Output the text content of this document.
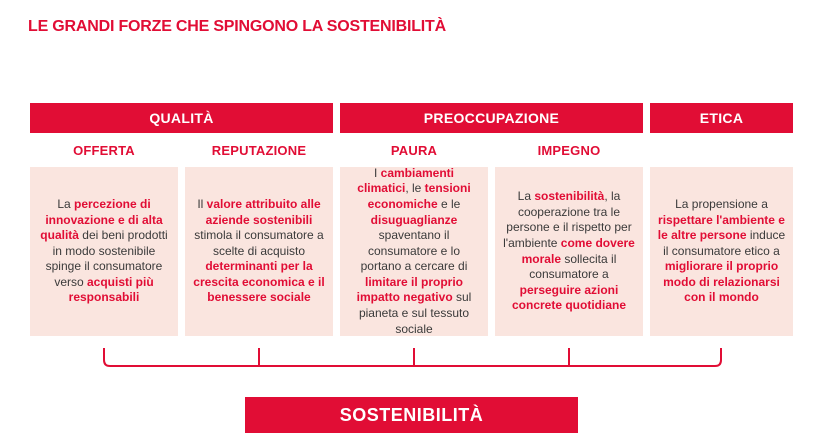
LE GRANDI FORZE CHE SPINGONO LA SOSTENIBILITÀ
QUALITÀ	PREOCCUPAZIONE	ETICA
OFFERTA	REPUTAZIONE	PAURA	IMPEGNO

La percezione di innovazione e di alta qualità dei beni prodotti in modo sostenibile spinge il consumatore verso acquisti più responsabili

Il valore attribuito alle aziende sostenibili stimola il consumatore a scelte di acquisto determinanti per la crescita economica e il benessere sociale

I cambiamenti climatici, le tensioni economiche e le disuguaglianze spaventano il consumatore e lo portano a cercare di limitare il proprio impatto negativo sul pianeta e sul tessuto sociale

La sostenibilità, la cooperazione tra le persone e il rispetto per l'ambiente come dovere morale sollecita il consumatore a perseguire azioni concrete quotidiane

La propensione a rispettare l'ambiente e le altre persone induce il consumatore etico a migliorare il proprio modo di relazionarsi con il mondo

SOSTENIBILITÀ
